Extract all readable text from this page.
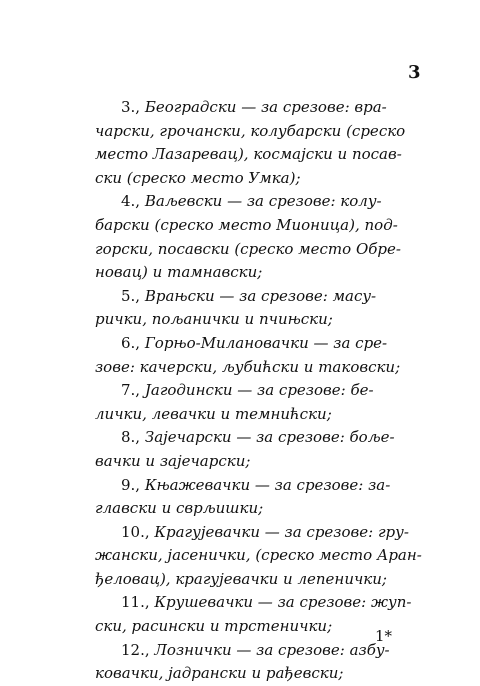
3
3., Београдски — за срезове: вра-
чарски, грочански, колубарски (среско
место Лазаревац), космајски и посав-
ски (среско место Умка);
4., Ваљевски — за срезове: колу-
барски (среско место Мионица), под-
горски, посавски (среско место Обре-
новац) и тамнавски;
5., Врањски — за срезове: масу-
рички, пољанички и пчињски;
6., Горњо-Милановачки — за сре-
зове: качерски, љубићски и таковски;
7., Јагодински — за срезове: бе-
лички, левачки и темнићски;
8., Зајечарски — за срезове: бољe-
вачки и зајечарски;
9., Књажевачки — за срезове: за-
главски и сврљишки;
10., Крагујевачки — за срезове: гру-
жански, јасенички, (среско место Аран-
ђеловац), крагујевачки и лепенички;
11., Крушевачки — за срезове: жуп-
ски, расински и трстенички;
12., Лознички — за срезове: азбу-
ковачки, јадрански и рађевски;
1*
